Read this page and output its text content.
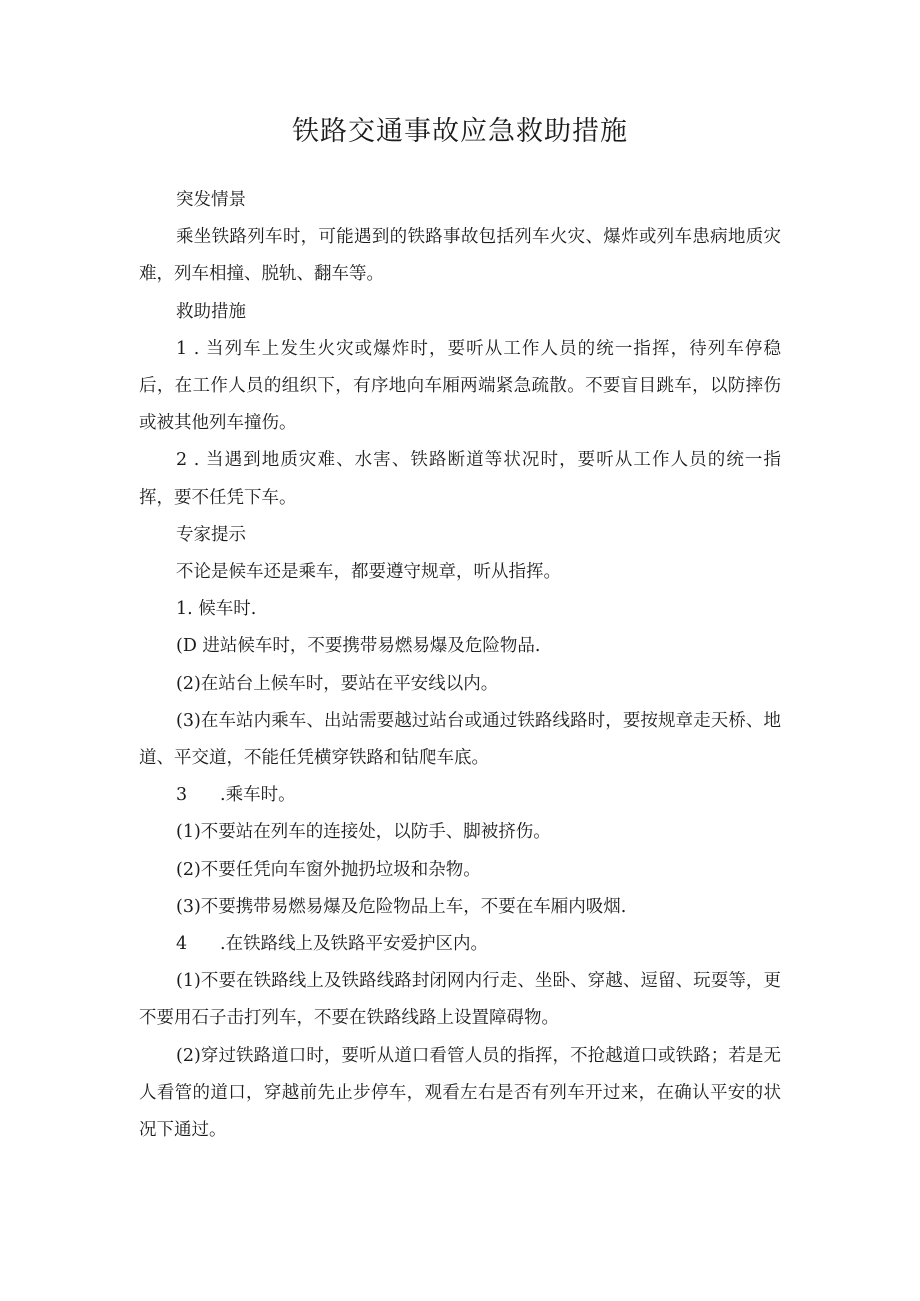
铁路交通事故应急救助措施

突发情景

乘坐铁路列车时，可能遇到的铁路事故包括列车火灾、爆炸或列车患病地质灾难，列车相撞、脱轨、翻车等。

救助措施

1 . 当列车上发生火灾或爆炸时，要听从工作人员的统一指挥，待列车停稳后，在工作人员的组织下，有序地向车厢两端紧急疏散。不要盲目跳车，以防摔伤或被其他列车撞伤。

2 . 当遇到地质灾难、水害、铁路断道等状况时，要听从工作人员的统一指挥，要不任凭下车。

专家提示

不论是候车还是乘车，都要遵守规章，听从指挥。

1. 候车时.

(D 进站候车时，不要携带易燃易爆及危险物品.

(2)在站台上候车时，要站在平安线以内。

(3)在车站内乘车、出站需要越过站台或通过铁路线路时，要按规章走天桥、地道、平交道，不能任凭横穿铁路和钻爬车底。

3 .乘车时。

(1)不要站在列车的连接处，以防手、脚被挤伤。

(2)不要任凭向车窗外抛扔垃圾和杂物。

(3)不要携带易燃易爆及危险物品上车，不要在车厢内吸烟.

4 .在铁路线上及铁路平安爱护区内。

(1)不要在铁路线上及铁路线路封闭网内行走、坐卧、穿越、逗留、玩耍等，更不要用石子击打列车，不要在铁路线路上设置障碍物。

(2)穿过铁路道口时，要听从道口看管人员的指挥，不抢越道口或铁路；若是无人看管的道口，穿越前先止步停车，观看左右是否有列车开过来，在确认平安的状况下通过。
